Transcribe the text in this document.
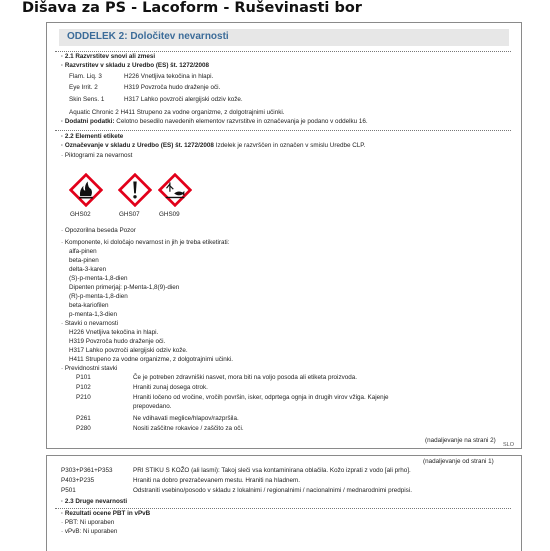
Dišava za PS - Lacoform - Ruševinasti bor
ODDELEK 2: Določitev nevarnosti
· 2.1 Razvrstitev snovi ali zmesi
· Razvrstitev v skladu z Uredbo (ES) št. 1272/2008
Flam. Liq. 3	H226 Vnetljiva tekočina in hlapi.
Eye Irrit. 2	H319 Povzroča hudo draženje oči.
Skin Sens. 1	H317 Lahko povzroči alergijski odziv kože.
Aquatic Chronic 2 H411 Strupeno za vodne organizme, z dolgotrajnimi učinki.
· Dodatni podatki: Celotno besedilo navedenih elementov razvrstitve in označevanja je podano v oddelku 16.
· 2.2 Elementi etikete
· Označevanje v skladu z Uredbo (ES) št. 1272/2008 Izdelek je razvrščen in označen v smislu Uredbe CLP.
· Piktogrami za nevarnost
GHS02	GHS07	GHS09
· Opozorilna beseda Pozor
· Komponente, ki določajo nevarnost in jih je treba etiketirati:
alfa-pinen
beta-pinen
delta-3-karen
(S)-p-menta-1,8-dien
Dipenten primerjaj: p-Menta-1,8(9)-dien
(R)-p-menta-1,8-dien
beta-kariofilen
p-menta-1,3-dien
· Stavki o nevarnosti
H226 Vnetljiva tekočina in hlapi.
H319 Povzroča hudo draženje oči.
H317 Lahko povzroči alergijski odziv kože.
H411 Strupeno za vodne organizme, z dolgotrajnimi učinki.
· Previdnostni stavki
P101	Če je potreben zdravniški nasvet, mora biti na voljo posoda ali etiketa proizvoda.
P102	Hraniti zunaj dosega otrok.
P210	Hraniti ločeno od vročine, vročih površin, isker, odprtega ognja in drugih virov vžiga. Kajenje
prepovedano.
P261	Ne vdihavati meglice/hlapov/razpršila.
P280	Nositi zaščitne rokavice / zaščito za oči.
(nadaljevanje na strani 2)
SLO
(nadaljevanje od strani 1)
P303+P361+P353	PRI STIKU S KOŽO (ali lasmi): Takoj sleči vsa kontaminirana oblačila. Kožo izprati z vodo [ali prho].
P403+P235	Hraniti na dobro prezračevanem mestu. Hraniti na hladnem.
P501	Odstraniti vsebino/posodo v skladu z lokalnimi / regionalnimi / nacionalnimi / mednarodnimi predpisi.
· 2.3 Druge nevarnosti
· Rezultati ocene PBT in vPvB
· PBT: Ni uporaben
· vPvB: Ni uporaben
